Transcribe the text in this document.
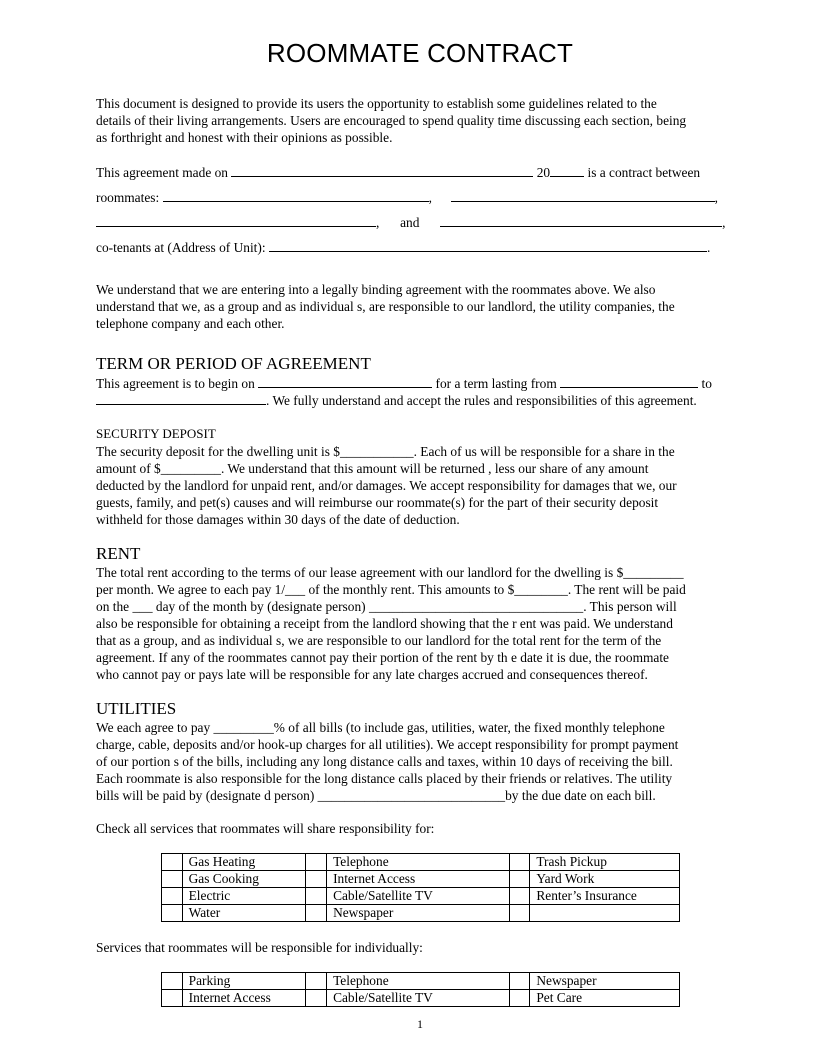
ROOMMATE CONTRACT
This document is designed to provide its users the opportunity to establish some guidelines related to the
details of their living arrangements. Users are encouraged to spend quality time discussing each section, being
as forthright and honest with their opinions as possible.
This agreement made on	20	is a contract between
roommates:	,	,
, and	,
co-tenants at (Address of Unit):	.
We understand that we are entering into a legally binding agreement with the roommates above. We also
understand that we, as a group and as individual s, are responsible to our landlord, the utility companies, the
telephone company and each other.
TERM OR PERIOD OF AGREEMENT
This agreement is to begin on	for a term lasting from	to
. We fully understand and accept the rules and responsibilities of this agreement.
SECURITY DEPOSIT
The security deposit for the dwelling unit is $___________. Each of us will be responsible for a share in the
amount of $_________. We understand that this amount will be returned , less our share of any amount
deducted by the landlord for unpaid rent, and/or damages. We accept responsibility for damages that we, our
guests, family, and pet(s) causes and will reimburse our roommate(s) for the part of their security deposit
withheld for those damages within 30 days of the date of deduction.
RENT
The total rent according to the terms of our lease agreement with our landlord for the dwelling is $_________
per month. We agree to each pay 1/___ of the monthly rent. This amounts to $________. The rent will be paid
on the ___ day of the month by (designate person) ________________________________. This person will
also be responsible for obtaining a receipt from the landlord showing that the r ent was paid. We understand
that as a group, and as individual s, we are responsible to our landlord for the total rent for the term of the
agreement. If any of the roommates cannot pay their portion of the rent by th e date it is due, the roommate
who cannot pay or pays late will be responsible for any late charges accrued and consequences thereof.
UTILITIES
We each agree to pay _________% of all bills (to include gas, utilities, water, the fixed monthly telephone
charge, cable, deposits and/or hook-up charges for all utilities). We accept responsibility for prompt payment
of our portion s of the bills, including any long distance calls and taxes, within 10 days of receiving the bill.
Each roommate is also responsible for the long distance calls placed by their friends or relatives. The utility
bills will be paid by (designate d person) ____________________________by the due date on each bill.
Check all services that roommates will share responsibility for:
	Gas Heating		Telephone		Trash Pickup
	Gas Cooking		Internet Access		Yard Work
	Electric		Cable/Satellite TV		Renter’s Insurance
	Water		Newspaper		
Services that roommates will be responsible for individually:
	Parking		Telephone		Newspaper
	Internet Access		Cable/Satellite TV		Pet Care
1
